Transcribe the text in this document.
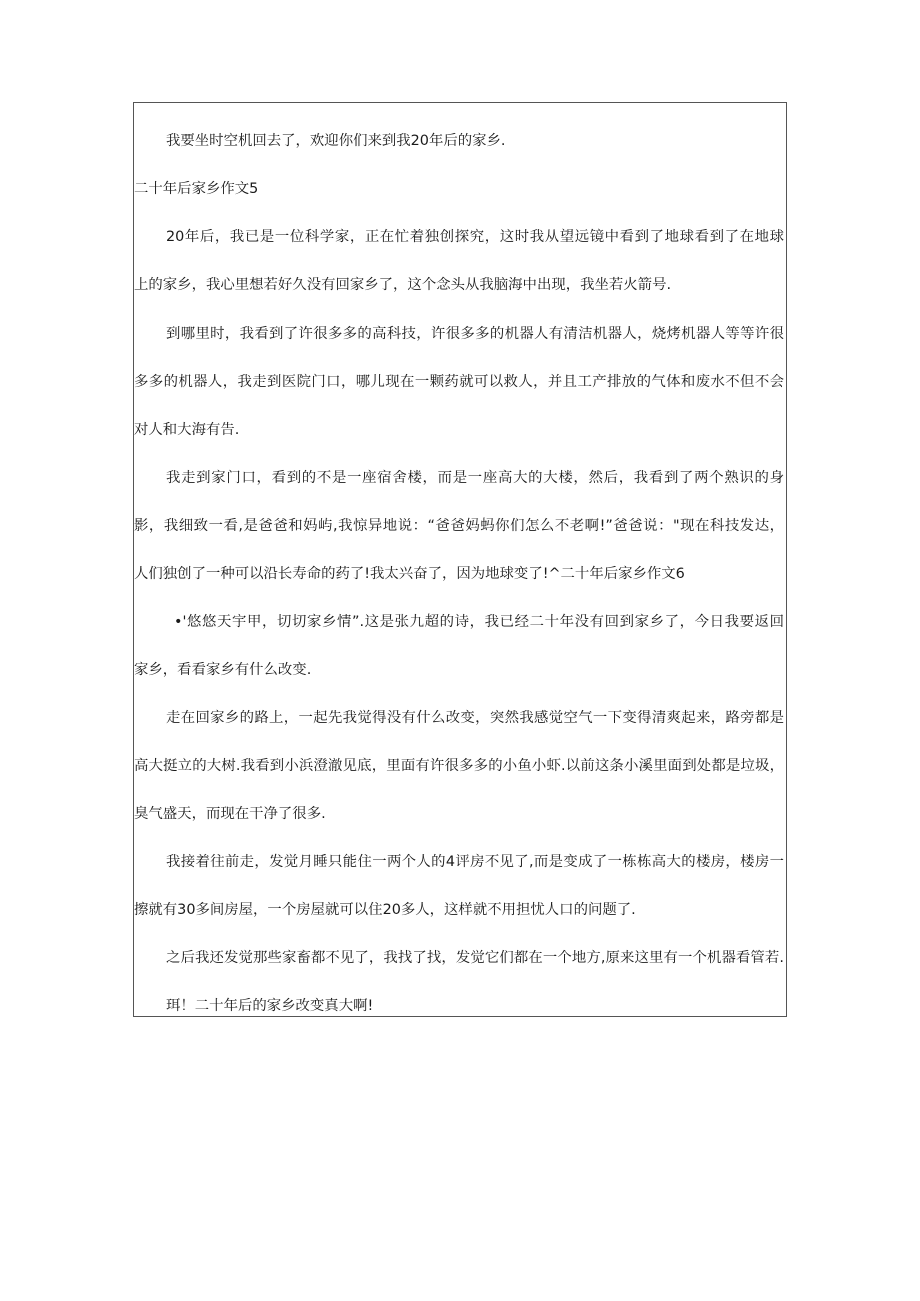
我要坐时空机回去了，欢迎你们来到我20年后的家乡.
二十年后家乡作文5
20年后，我已是一位科学家，正在忙着独创探究，这时我从望远镜中看到了地球看到了在地球
上的家乡，我心里想若好久没有回家乡了，这个念头从我脑海中出现，我坐若火箭号.
到哪里时，我看到了许很多多的高科技，许很多多的机器人有清洁机器人，烧烤机器人等等许很
多多的机器人，我走到医院门口，哪儿现在一颗药就可以救人，并且工产排放的气体和废水不但不会
对人和大海有告.
我走到家门口，看到的不是一座宿舍楼，而是一座高大的大楼，然后，我看到了两个熟识的身
影，我细致一看,是爸爸和妈屿,我惊异地说：“爸爸妈蚂你们怎么不老啊!”爸爸说："现在科技发达，
人们独创了一种可以沿长寿命的药了!我太兴奋了，因为地球变了!^二十年后家乡作文6
•'悠悠天宇甲，切切家乡情”.这是张九超的诗，我已经二十年没有回到家乡了，今日我要返回
家乡，看看家乡有什么改变.
走在回家乡的路上，一起先我觉得没有什么改变，突然我感觉空气一下变得清爽起来，路旁都是
高大挺立的大树.我看到小浜澄澈见底，里面有许很多多的小鱼小虾.以前这条小溪里面到处都是垃圾，
臭气盛天，而现在干净了很多.
我接着往前走，发觉月睡只能住一两个人的4评房不见了,而是变成了一栋栋高大的楼房，楼房一
擦就有30多间房屋，一个房屋就可以住20多人，这样就不用担忧人口的问题了.
之后我还发觉那些家畜都不见了，我找了找，发觉它们都在一个地方,原来这里有一个机器看管若.
珥！二十年后的家乡改变真大啊!
